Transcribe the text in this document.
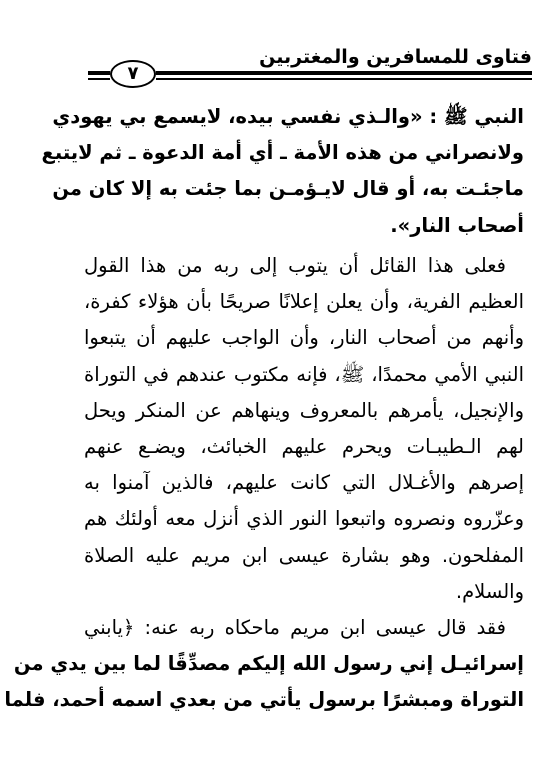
فتاوى للمسافرين والمغتربين
٧
النبي ﷺ : «والـذي نفسي بيده، لايسمع بي يهودي
ولانصراني من هذه الأمة ـ أي أمة الدعوة ـ ثم لايتبع
ماجئـت به، أو قال لايـؤمـن بما جئت به إلا كان من
أصحاب النار».
فعلى هذا القائل أن يتوب إلى ربه من هذا القول
العظيم الفرية، وأن يعلن إعلانًا صريحًا بأن هؤلاء كفرة،
وأنهم من أصحاب النار، وأن الواجب عليهم أن يتبعوا
النبي الأمي محمدًا، ﷺ، فإنه مكتوب عندهم في التوراة
والإنجيل، يأمرهم بالمعروف وينهاهم عن المنكر ويحل
لهم الـطيبـات ويحرم عليهم الخبائث، ويضـع عنهم
إصرهم والأغـلال التي كانت عليهم، فالذين آمنوا به
وعزّروه ونصروه واتبعوا النور الذي أنزل معه أولئك هم
المفلحون. وهو بشارة عيسى ابن مريم عليه الصلاة
والسلام.
فقد قال عيسى ابن مريم ماحكاه ربه عنه: ﴿يابني
إسرائيـل إني رسول الله إليكم مصدِّقًا لما بين يدي من
التوراة ومبشرًا برسول يأتي من بعدي اسمه أحمد، فلما
